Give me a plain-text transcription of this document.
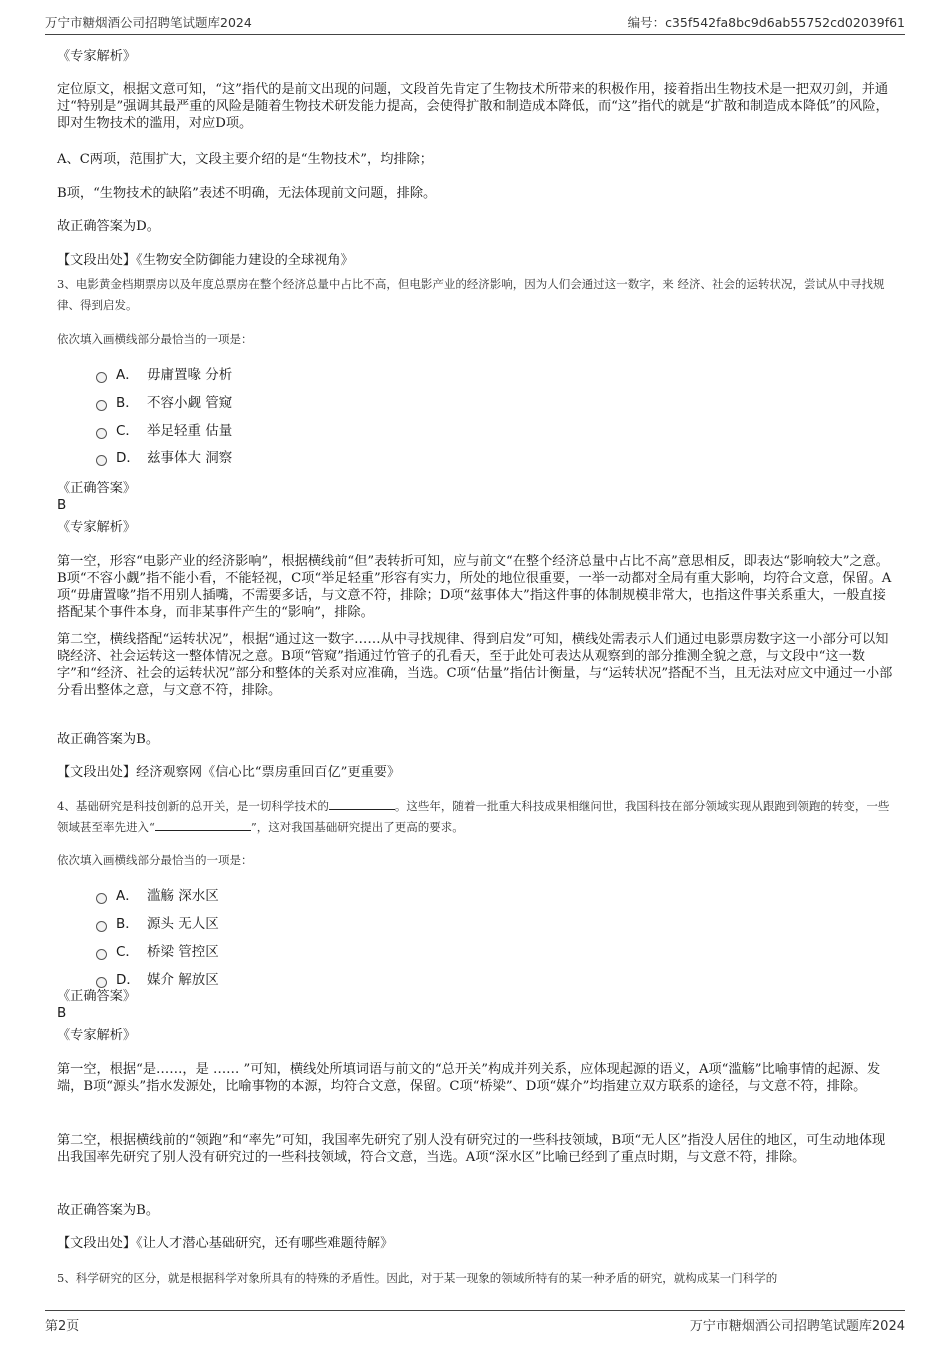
万宁市糖烟酒公司招聘笔试题库2024	编号：c35f542fa8bc9d6ab55752cd02039f61
《专家解析》
定位原文，根据文意可知，“这”指代的是前文出现的问题，文段首先肯定了生物技术所带来的积极作用，接着指出生物技术是一把双刃剑，并通过“特别是”强调其最严重的风险是随着生物技术研发能力提高，会使得扩散和制造成本降低，而“这”指代的就是“扩散和制造成本降低”的风险，即对生物技术的滥用，对应D项。
A、C两项，范围扩大，文段主要介绍的是“生物技术”，均排除；
B项，“生物技术的缺陷”表述不明确，无法体现前文问题，排除。
故正确答案为D。
【文段出处】《生物安全防御能力建设的全球视角》
3、电影黄金档期票房以及年度总票房在整个经济总量中占比不高，但电影产业的经济影响，因为人们会通过这一数字，来 经济、社会的运转状况，尝试从中寻找规律、得到启发。
依次填入画横线部分最恰当的一项是：
A． 毋庸置喙 分析
B． 不容小觑 管窥
C． 举足轻重 估量
D． 兹事体大 洞察
《正确答案》
B
《专家解析》
第一空，形容“电影产业的经济影响”，根据横线前“但”表转折可知，应与前文“在整个经济总量中占比不高”意思相反，即表达“影响较大”之意。B项“不容小觑”指不能小看，不能轻视，C项“举足轻重”形容有实力，所处的地位很重要，一举一动都对全局有重大影响，均符合文意，保留。A项“毋庸置喙”指不用别人插嘴，不需要多话，与文意不符，排除；D项“兹事体大”指这件事的体制规模非常大，也指这件事关系重大，一般直接搭配某个事件本身，而非某事件产生的“影响”，排除。
第二空，横线搭配“运转状况”，根据“通过这一数字……从中寻找规律、得到启发”可知，横线处需表示人们通过电影票房数字这一小部分可以知晓经济、社会运转这一整体情况之意。B项“管窥”指通过竹管子的孔看天，至于此处可表达从观察到的部分推测全貌之意，与文段中“这一数字”和“经济、社会的运转状况”部分和整体的关系对应准确，当选。C项“估量”指估计衡量，与“运转状况”搭配不当，且无法对应文中通过一小部分看出整体之意，与文意不符，排除。
故正确答案为B。
【文段出处】经济观察网《信心比“票房重回百亿”更重要》
4、基础研究是科技创新的总开关，是一切科学技术的	。这些年，随着一批重大科技成果相继问世，我国科技在部分领域实现从跟跑到领跑的转变，一些领域甚至率先进入“	”，这对我国基础研究提出了更高的要求。
依次填入画横线部分最恰当的一项是：
A． 滥觞 深水区
B． 源头 无人区
C． 桥梁 管控区
D． 媒介 解放区
《正确答案》
B
《专家解析》
第一空，根据“是……，是 …… ”可知，横线处所填词语与前文的“总开关”构成并列关系，应体现起源的语义，A项“滥觞”比喻事情的起源、发端，B项“源头”指水发源处，比喻事物的本源，均符合文意，保留。C项“桥梁”、D项“媒介”均指建立双方联系的途径，与文意不符，排除。
第二空，根据横线前的“领跑”和“率先”可知，我国率先研究了别人没有研究过的一些科技领域，B项“无人区”指没人居住的地区，可生动地体现出我国率先研究了别人没有研究过的一些科技领域，符合文意，当选。A项“深水区”比喻已经到了重点时期，与文意不符，排除。
故正确答案为B。
【文段出处】《让人才潜心基础研究，还有哪些难题待解》
5、科学研究的区分，就是根据科学对象所具有的特殊的矛盾性。因此，对于某一现象的领域所特有的某一种矛盾的研究，就构成某一门科学的
第2页	万宁市糖烟酒公司招聘笔试题库2024
